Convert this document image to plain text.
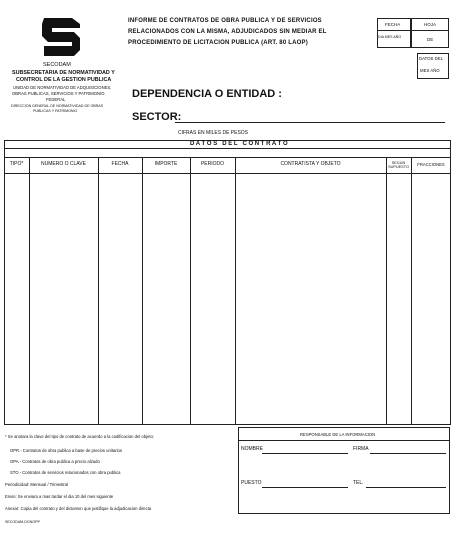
SECODAM
SUBSECRETARIA DE NORMATIVIDAD Y
CONTROL DE LA GESTION PUBLICA
UNIDAD DE NORMATIVIDAD DE ADQUISICIONES,
OBRAS PUBLICAS, SERVICIOS Y PATRIMONIO
FEDERAL
DIRECCION GENERAL DE NORMATIVIDAD DE OBRAS
PUBLICAS Y PATRIMONIO
INFORME DE CONTRATOS DE OBRA PUBLICA Y DE SERVICIOS
RELACIONADOS CON LA MISMA, ADJUDICADOS SIN MEDIAR EL
PROCEDIMIENTO DE LICITACION PUBLICA (ART. 80 LAOP)
FECHA
DIA MES AÑO
HOJA
DE
DATOS DEL
MES AÑO
DEPENDENCIA O ENTIDAD :
SECTOR:
CIFRAS EN MILES DE PESOS
D A T O S   D E L   C O N T R A T O
TIPO*	NUMERO O CLAVE	FECHA	IMPORTE	PERIODO	CONTRATISTA Y OBJETO	SEGUN SUPUESTO	FRACCIONES
* Se anotara la clave del tipo de contrato de acuerdo a la codificacion del objeto:
OPR.- Contratos de obra publica a base de precios unitarios
OPA.- Contratos de obra publica a precio alzado
STO.- Contratos de servicios relacionados con obra publica
Periodicidad: Mensual / Trimestral
Envio: Se enviara a mas tardar el dia 10 del mes siguiente
Anexar: Copia del contrato y del dictamen que justifique la adjudicacion directa
SECODAM-DGNOPP
RESPONSABLE DE LA INFORMACION
NOMBRE	FIRMA
PUESTO	TEL.
